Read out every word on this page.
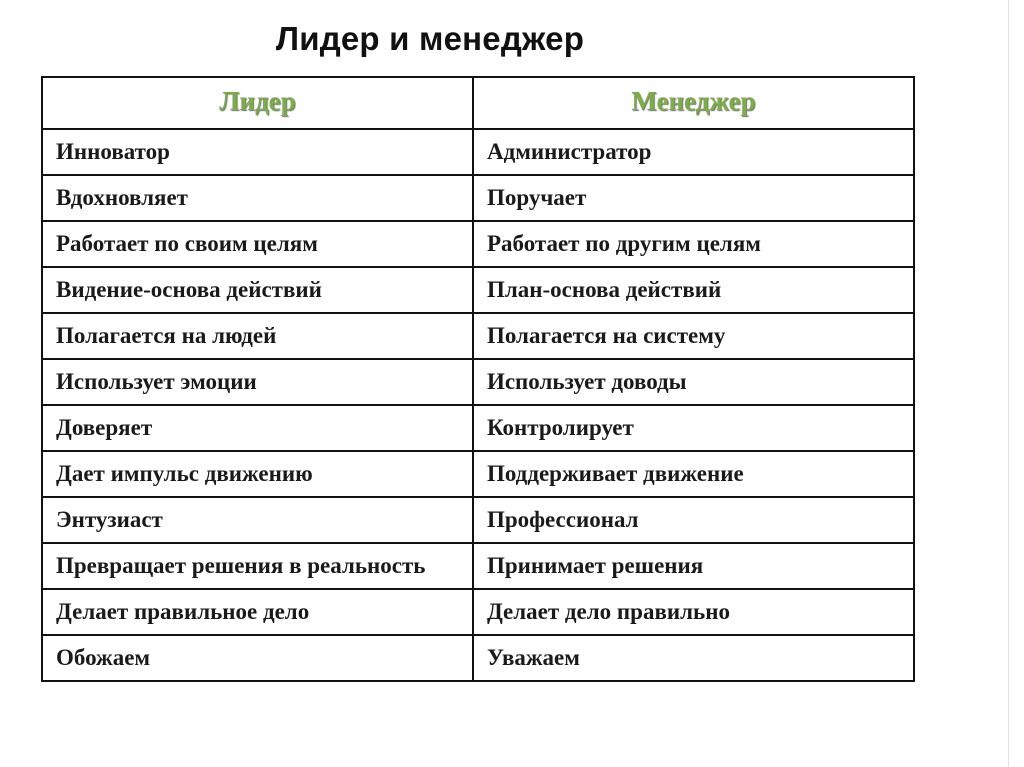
Лидер и менеджер
Лидер	Менеджер
Инноватор	Администратор
Вдохновляет	Поручает
Работает по своим целям	Работает по другим целям
Видение-основа действий	План-основа действий
Полагается на людей	Полагается на систему
Использует эмоции	Использует доводы
Доверяет	Контролирует
Дает импульс движению	Поддерживает движение
Энтузиаст	Профессионал
Превращает решения в реальность	Принимает решения
Делает правильное дело	Делает дело правильно
Обожаем	Уважаем
